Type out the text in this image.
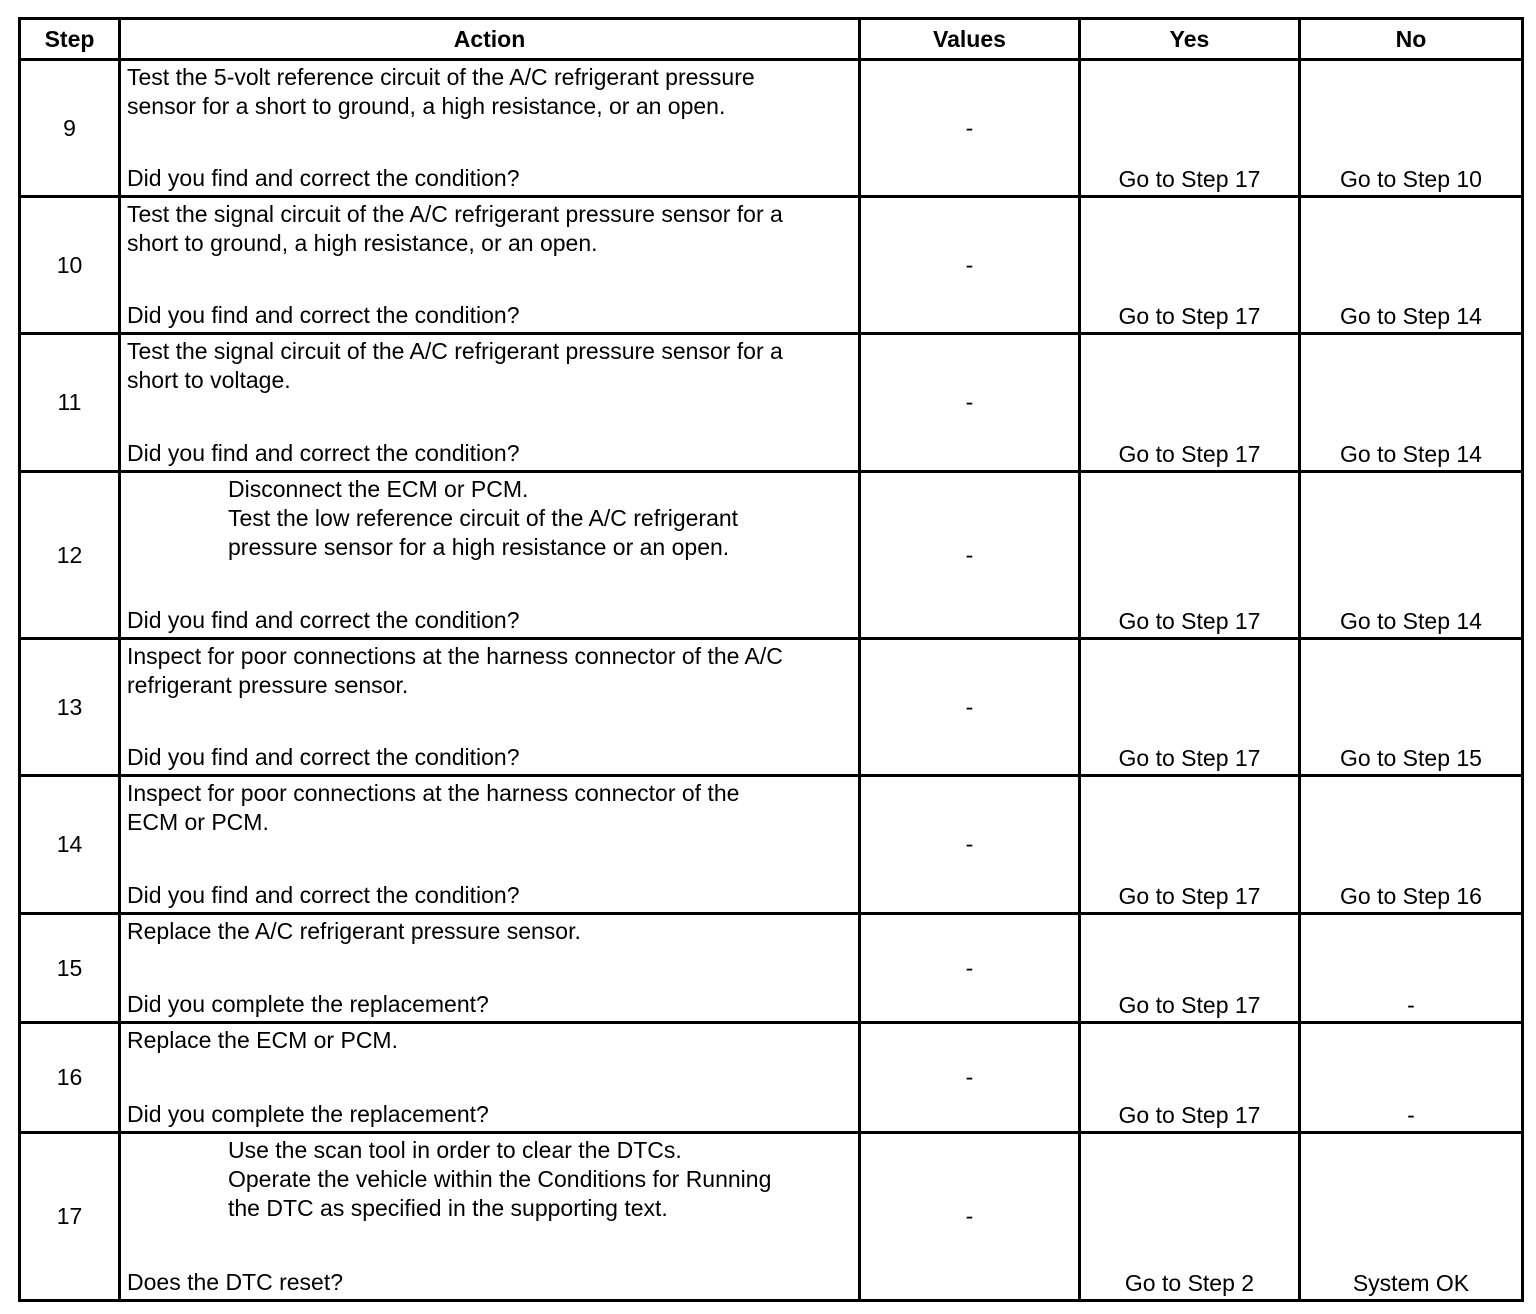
Step	Action	Values	Yes	No
9	Test the 5-volt reference circuit of the A/C refrigerant pressure
sensor for a short to ground, a high resistance, or an open.
Did you find and correct the condition?	-	Go to Step 17	Go to Step 10
10	Test the signal circuit of the A/C refrigerant pressure sensor for a
short to ground, a high resistance, or an open.
Did you find and correct the condition?	-	Go to Step 17	Go to Step 14
11	Test the signal circuit of the A/C refrigerant pressure sensor for a
short to voltage.
Did you find and correct the condition?	-	Go to Step 17	Go to Step 14
12	Disconnect the ECM or PCM.
Test the low reference circuit of the A/C refrigerant
pressure sensor for a high resistance or an open.
Did you find and correct the condition?	-	Go to Step 17	Go to Step 14
13	Inspect for poor connections at the harness connector of the A/C
refrigerant pressure sensor.
Did you find and correct the condition?	-	Go to Step 17	Go to Step 15
14	Inspect for poor connections at the harness connector of the
ECM or PCM.
Did you find and correct the condition?	-	Go to Step 17	Go to Step 16
15	Replace the A/C refrigerant pressure sensor.
Did you complete the replacement?	-	Go to Step 17	-
16	Replace the ECM or PCM.
Did you complete the replacement?	-	Go to Step 17	-
17	Use the scan tool in order to clear the DTCs.
Operate the vehicle within the Conditions for Running
the DTC as specified in the supporting text.
Does the DTC reset?	-	Go to Step 2	System OK
